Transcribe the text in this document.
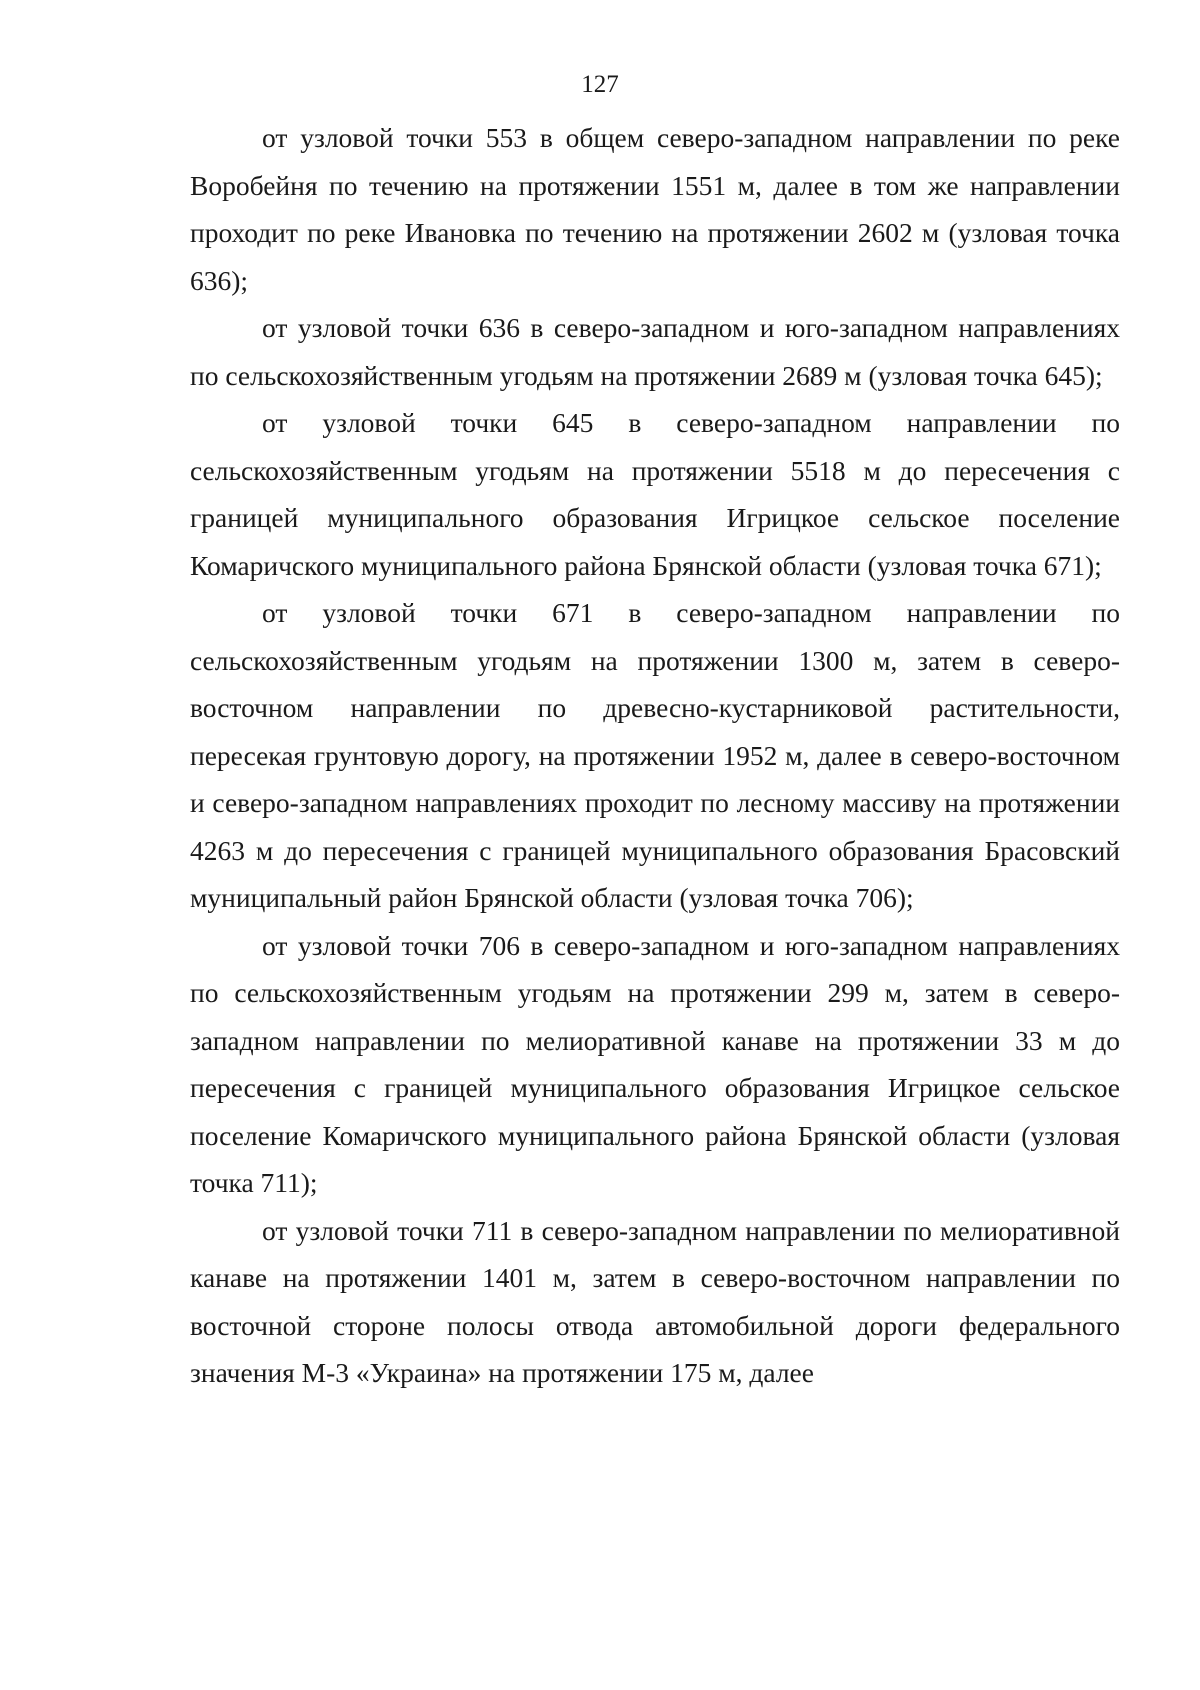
127

от узловой точки 553 в общем северо-западном направлении по реке Воробейня по течению на протяжении 1551 м, далее в том же направлении проходит по реке Ивановка по течению на протяжении 2602 м (узловая точка 636);

от узловой точки 636 в северо-западном и юго-западном направлениях по сельскохозяйственным угодьям на протяжении 2689 м (узловая точка 645);

от узловой точки 645 в северо-западном направлении по сельскохозяйственным угодьям на протяжении 5518 м до пересечения с границей муниципального образования Игрицкое сельское поселение Комаричского муниципального района Брянской области (узловая точка 671);

от узловой точки 671 в северо-западном направлении по сельскохозяйственным угодьям на протяжении 1300 м, затем в северо-восточном направлении по древесно-кустарниковой растительности, пересекая грунтовую дорогу, на протяжении 1952 м, далее в северо-восточном и северо-западном направлениях проходит по лесному массиву на протяжении 4263 м до пересечения с границей муниципального образования Брасовский муниципальный район Брянской области (узловая точка 706);

от узловой точки 706 в северо-западном и юго-западном направлениях по сельскохозяйственным угодьям на протяжении 299 м, затем в северо-западном направлении по мелиоративной канаве на протяжении 33 м до пересечения с границей муниципального образования Игрицкое сельское поселение Комаричского муниципального района Брянской области (узловая точка 711);

от узловой точки 711 в северо-западном направлении по мелиоративной канаве на протяжении 1401 м, затем в северо-восточном направлении по восточной стороне полосы отвода автомобильной дороги федерального значения М-3 «Украина» на протяжении 175 м, далее
